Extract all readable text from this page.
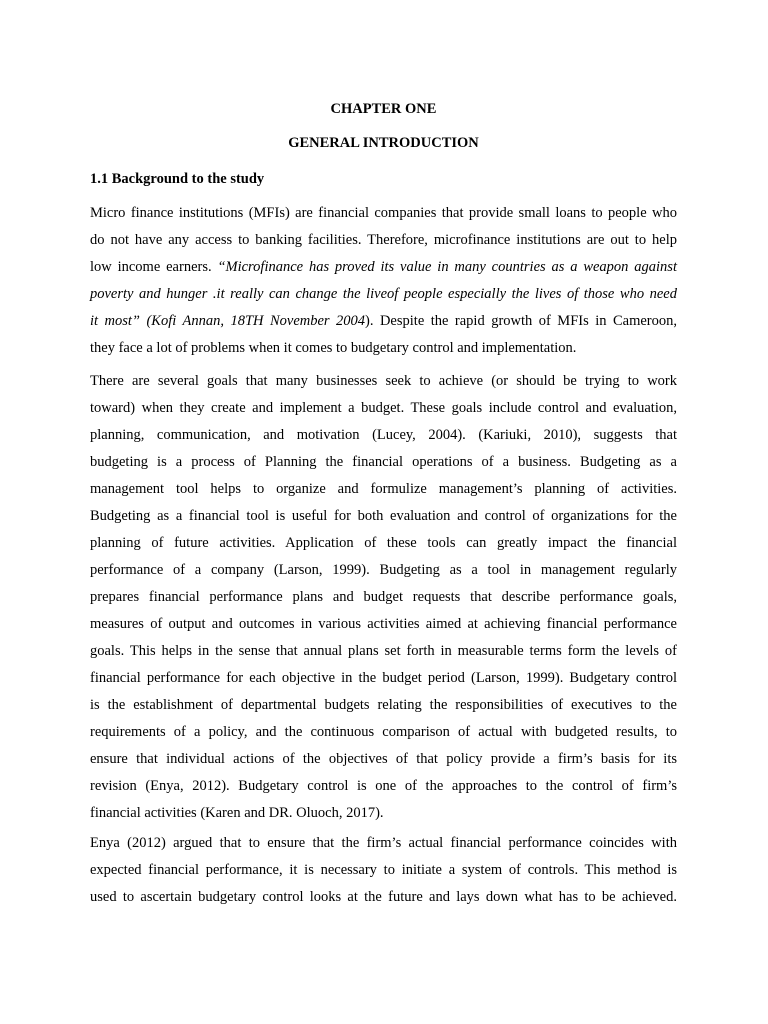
CHAPTER ONE
GENERAL INTRODUCTION
1.1 Background to the study
Micro finance institutions (MFIs) are financial companies that provide small loans to people who
do not have any access to banking facilities. Therefore, microfinance institutions are out to help
low income earners. “Microfinance has proved its value in many countries as a weapon against
poverty and hunger .it really can change the liveof people especially the lives of those who need
it most” (Kofi Annan, 18TH November 2004). Despite the rapid growth of MFIs in Cameroon,
they face a lot of problems when it comes to budgetary control and implementation.
There are several goals that many businesses seek to achieve (or should be trying to work
toward) when they create and implement a budget. These goals include control and evaluation,
planning, communication, and motivation (Lucey, 2004). (Kariuki, 2010), suggests that
budgeting is a process of Planning the financial operations of a business. Budgeting as a
management tool helps to organize and formulize management’s planning of activities.
Budgeting as a financial tool is useful for both evaluation and control of organizations for the
planning of future activities. Application of these tools can greatly impact the financial
performance of a company (Larson, 1999). Budgeting as a tool in management regularly
prepares financial performance plans and budget requests that describe performance goals,
measures of output and outcomes in various activities aimed at achieving financial performance
goals. This helps in the sense that annual plans set forth in measurable terms form the levels of
financial performance for each objective in the budget period (Larson, 1999). Budgetary control
is the establishment of departmental budgets relating the responsibilities of executives to the
requirements of a policy, and the continuous comparison of actual with budgeted results, to
ensure that individual actions of the objectives of that policy provide a firm’s basis for its
revision (Enya, 2012). Budgetary control is one of the approaches to the control of firm’s
financial activities (Karen and DR. Oluoch, 2017).
Enya (2012) argued that to ensure that the firm’s actual financial performance coincides with
expected financial performance, it is necessary to initiate a system of controls. This method is
used to ascertain budgetary control looks at the future and lays down what has to be achieved.
